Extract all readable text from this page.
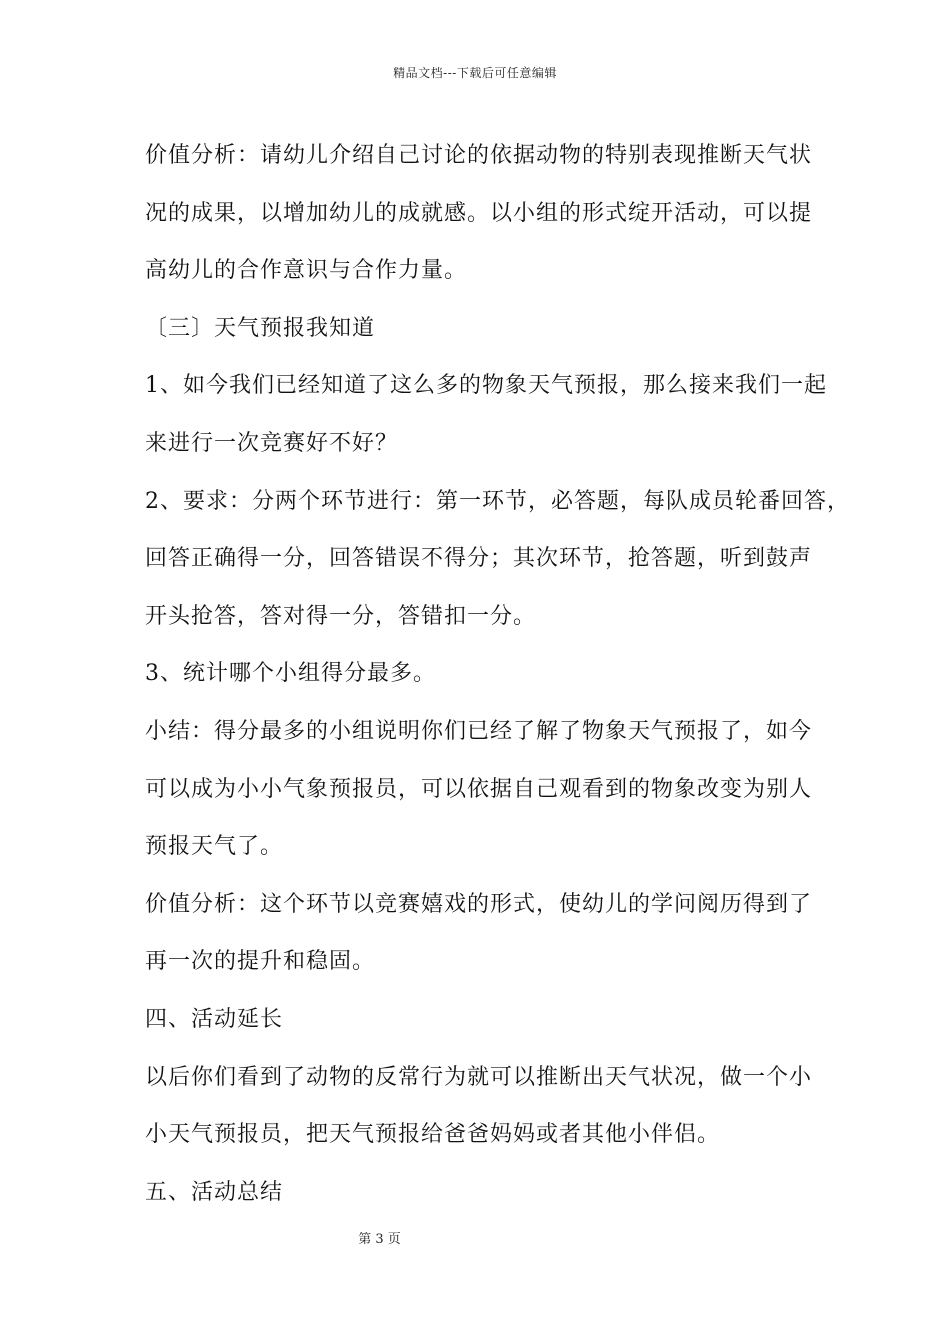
精品文档---下载后可任意编辑
价值分析：请幼儿介绍自己讨论的依据动物的特别表现推断天气状
况的成果，以增加幼儿的成就感。以小组的形式绽开活动，可以提
高幼儿的合作意识与合作力量。
〔三〕天气预报我知道
1、如今我们已经知道了这么多的物象天气预报，那么接来我们一起
来进行一次竞赛好不好？
2、要求：分两个环节进行：第一环节，必答题，每队成员轮番回答，
回答正确得一分，回答错误不得分；其次环节，抢答题，听到鼓声
开头抢答，答对得一分，答错扣一分。
3、统计哪个小组得分最多。
小结：得分最多的小组说明你们已经了解了物象天气预报了，如今
可以成为小小气象预报员，可以依据自己观看到的物象改变为别人
预报天气了。
价值分析：这个环节以竞赛嬉戏的形式，使幼儿的学问阅历得到了
再一次的提升和稳固。
四、活动延长
以后你们看到了动物的反常行为就可以推断出天气状况，做一个小
小天气预报员，把天气预报给爸爸妈妈或者其他小伴侣。
五、活动总结
第 3 页
